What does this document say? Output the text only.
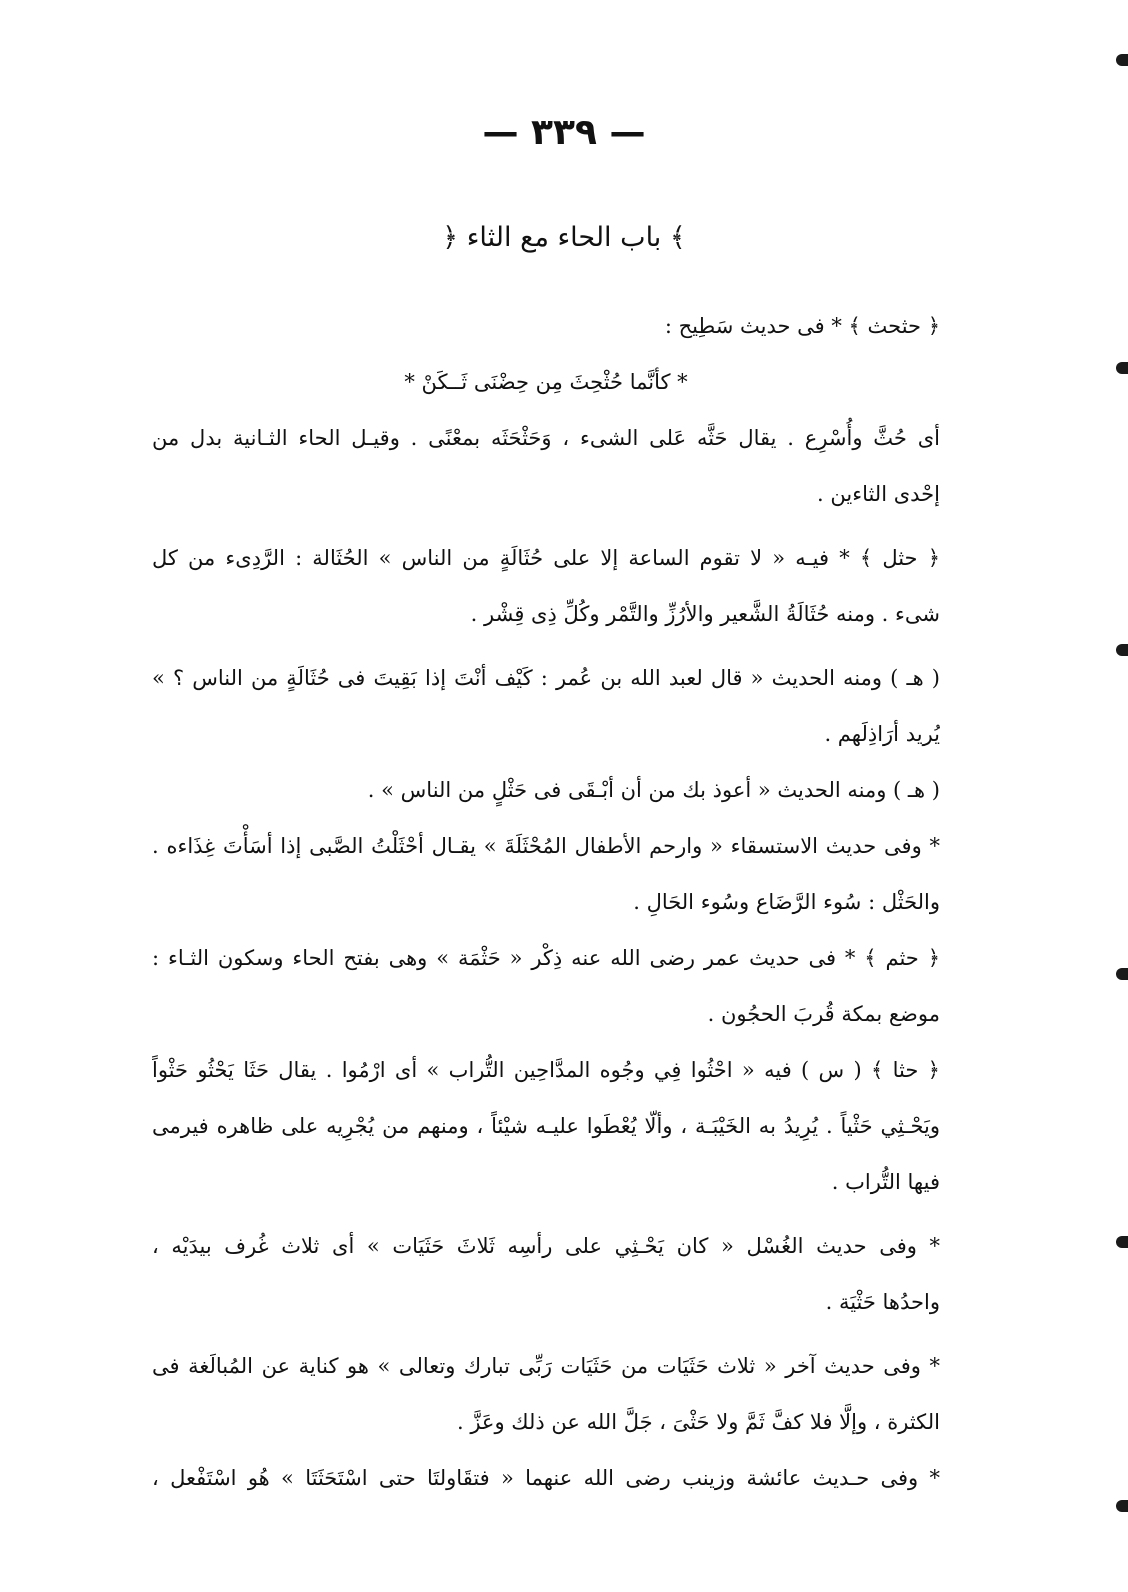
— ٣٣٩ —
﴿ باب الحاء مع الثاء ﴾
﴿ حثحث ﴾ * فى حديث سَطِيح :
* كأنَّما حُثْحِثَ مِن حِضْنَى ثَــكَنْ *
أى حُثَّ وأُسْرِع . يقال حَثَّه عَلى الشىء ، وَحَثْحَثَه بمعْنًى . وقيـل الحاء الثـانية بدل من
إحْدى الثاءين .
﴿ حثل ﴾ * فيـه « لا تقوم الساعة إلا على حُثَالَةٍ من الناس » الحُثَالة : الرَّدِىء من كل
شىء . ومنه حُثَالَةُ الشَّعير والأرُزِّ والتَّمْر وكُلِّ ذِى قِشْر .
( هـ ) ومنه الحديث « قال لعبد الله بن عُمر : كَيْف أنْتَ إذا بَقِيتَ فى حُثَالَةٍ من الناس ؟ »
يُريد أرَاذِلَهم .
( هـ ) ومنه الحديث « أعوذ بك من أن أبْـقَى فى حَثْلٍ من الناس » .
* وفى حديث الاستسقاء « وارحم الأطفال المُحْثَلَةَ » يقـال أحْثَلْتُ الصَّبى إذا أسَأْتَ غِذَاءه .
والحَثْل : سُوء الرَّضَاع وسُوء الحَالِ .
﴿ حثم ﴾ * فى حديث عمر رضى الله عنه ذِكْر « حَثْمَة » وهى بفتح الحاء وسكون الثـاء :
موضع بمكة قُربَ الحجُون .
﴿ حثا ﴾ ( س ) فيه « احْثُوا فِي وجُوه المدَّاحِين التُّراب » أى ارْمُوا . يقال حَثَا يَحْثُو حَثْواً
ويَحْـثِي حَثْياً . يُرِيدُ به الخَيْبَـة ، وألّا يُعْطَوا عليـه شيْئاً ، ومنهم من يُجْرِيه على ظاهره فيرمى
فيها التُّراب .
* وفى حديث الغُسْل « كان يَحْـثِي على رأسِه ثَلاثَ حَثَيَات » أى ثلاث غُرف بيدَيْه ،
واحدُها حَثْيَة .
* وفى حديث آخر « ثلاث حَثَيَات من حَثَيَات رَبِّى تبارك وتعالى » هو كناية عن المُبالَغة فى
الكثرة ، وإلَّا فلا كفَّ ثَمَّ ولا حَثْىَ ، جَلَّ الله عن ذلك وعَزَّ .
* وفى حـديث عائشة وزينب رضى الله عنهما « فتقَاولتَا حتى اسْتَحَثَتَا » هُو اسْتَفْعل ،
